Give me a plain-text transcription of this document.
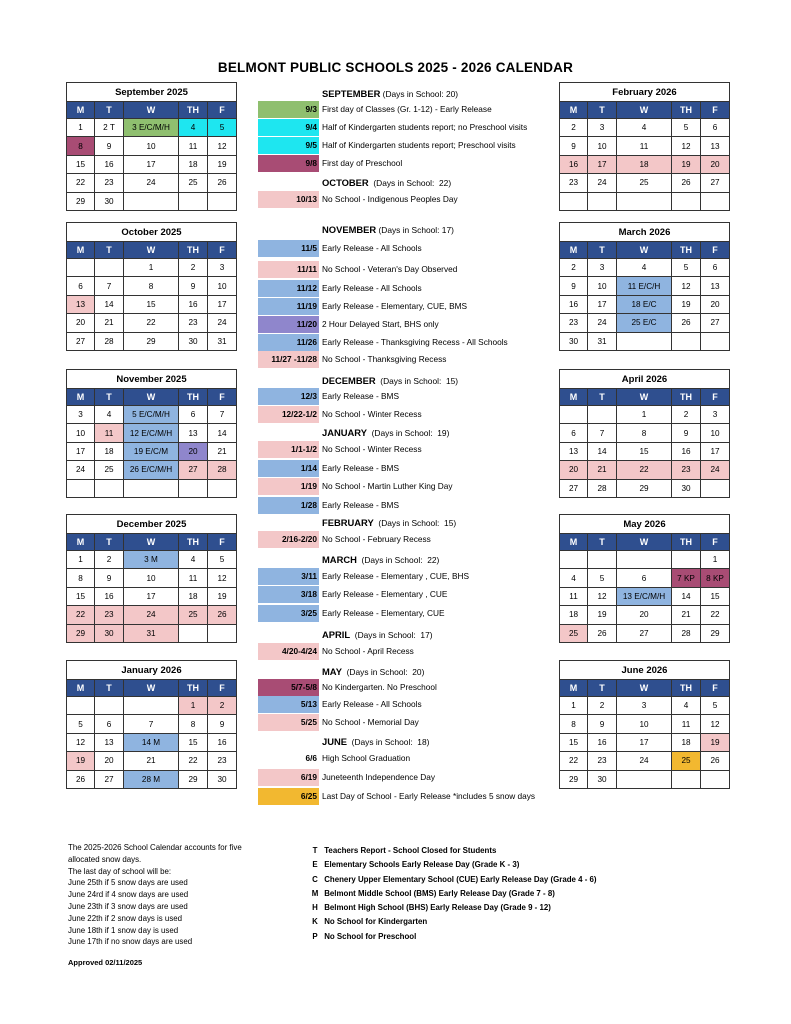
BELMONT PUBLIC SCHOOLS 2025 - 2026 CALENDAR
September 2025				
M	T	W	TH	F
1	2 T	3 E/C/M/H	4	5
8	9	10	11	12
15	16	17	18	19
22	23	24	25	26
29	30			
October 2025				
M	T	W	TH	F
		1	2	3
6	7	8	9	10
13	14	15	16	17
20	21	22	23	24
27	28	29	30	31
November 2025				
M	T	W	TH	F
3	4	5 E/C/M/H	6	7
10	11	12 E/C/M/H	13	14
17	18	19 E/C/M	20	21
24	25	26 E/C/M/H	27	28

December 2025				
M	T	W	TH	F
1	2	3 M	4	5
8	9	10	11	12
15	16	17	18	19
22	23	24	25	26
29	30	31		
January 2026				
M	T	W	TH	F
			1	2
5	6	7	8	9
12	13	14 M	15	16
19	20	21	22	23
26	27	28 M	29	30
February 2026				
M	T	W	TH	F
2	3	4	5	6
9	10	11	12	13
16	17	18	19	20
23	24	25	26	27

March 2026				
M	T	W	TH	F
2	3	4	5	6
9	10	11 E/C/H	12	13
16	17	18 E/C	19	20
23	24	25 E/C	26	27
30	31			
April 2026				
M	T	W	TH	F
		1	2	3
6	7	8	9	10
13	14	15	16	17
20	21	22	23	24
27	28	29	30	
May 2026				
M	T	W	TH	F
				1
4	5	6	7 KP	8 KP
11	12	13 E/C/M/H	14	15
18	19	20	21	22
25	26	27	28	29
June 2026				
M	T	W	TH	F
1	2	3	4	5
8	9	10	11	12
15	16	17	18	19
22	23	24	25	26
29	30			
SEPTEMBER (Days in School: 20)
OCTOBER  (Days in School:  22)
NOVEMBER (Days in School: 17)
DECEMBER  (Days in School:  15)
JANUARY  (Days in School:  19)
FEBRUARY  (Days in School:  15)
MARCH  (Days in School:  22)
APRIL  (Days in School:  17)
MAY  (Days in School:  20)
JUNE  (Days in School:  18)
9/3 First day of Classes (Gr. 1-12) - Early Release
9/4 Half of Kindergarten students report; no Preschool visits
9/5 Half of Kindergarten students report; Preschool visits
9/8 First day of Preschool
10/13 No School - Indigenous Peoples Day
11/5 Early Release - All Schools
11/11 No School - Veteran's Day Observed
11/12 Early Release - All Schools
11/19 Early Release - Elementary, CUE, BMS
11/20 2 Hour Delayed Start, BHS only
11/26 Early Release - Thanksgiving Recess - All Schools
11/27 -11/28 No School - Thanksgiving Recess
12/3 Early Release - BMS
12/22-1/2 No School - Winter Recess
1/1-1/2 No School - Winter Recess
1/14 Early Release - BMS
1/19 No School - Martin Luther King Day
1/28 Early Release - BMS
2/16-2/20 No School - February Recess
3/11 Early Release - Elementary , CUE, BHS
3/18 Early Release - Elementary , CUE
3/25 Early Release - Elementary, CUE
4/20-4/24 No School - April Recess
5/7-5/8 No Kindergarten. No Preschool
5/13 Early Release - All Schools
5/25 No School - Memorial Day
6/6 High School Graduation
6/19 Juneteenth Independence Day
6/25 Last Day of School - Early Release *includes 5 snow days
The 2025-2026 School Calendar accounts for five
allocated snow days.
The last day of school will be:
June 25th if 5 snow days are used
June 24rd if 4 snow days are used
June 23th if 3 snow days are used
June 22th if 2 snow days is used
June 18th if 1 snow day is used
June 17th if no snow days are used
T Teachers Report - School Closed for Students
E Elementary Schools Early Release Day (Grade K - 3)
C Chenery Upper Elementary School (CUE) Early Release Day (Grade 4 - 6)
M Belmont Middle School (BMS) Early Release Day (Grade 7 - 8)
H Belmont High School (BHS) Early Release Day (Grade 9 - 12)
K No School for Kindergarten
P No School for Preschool
Approved 02/11/2025
